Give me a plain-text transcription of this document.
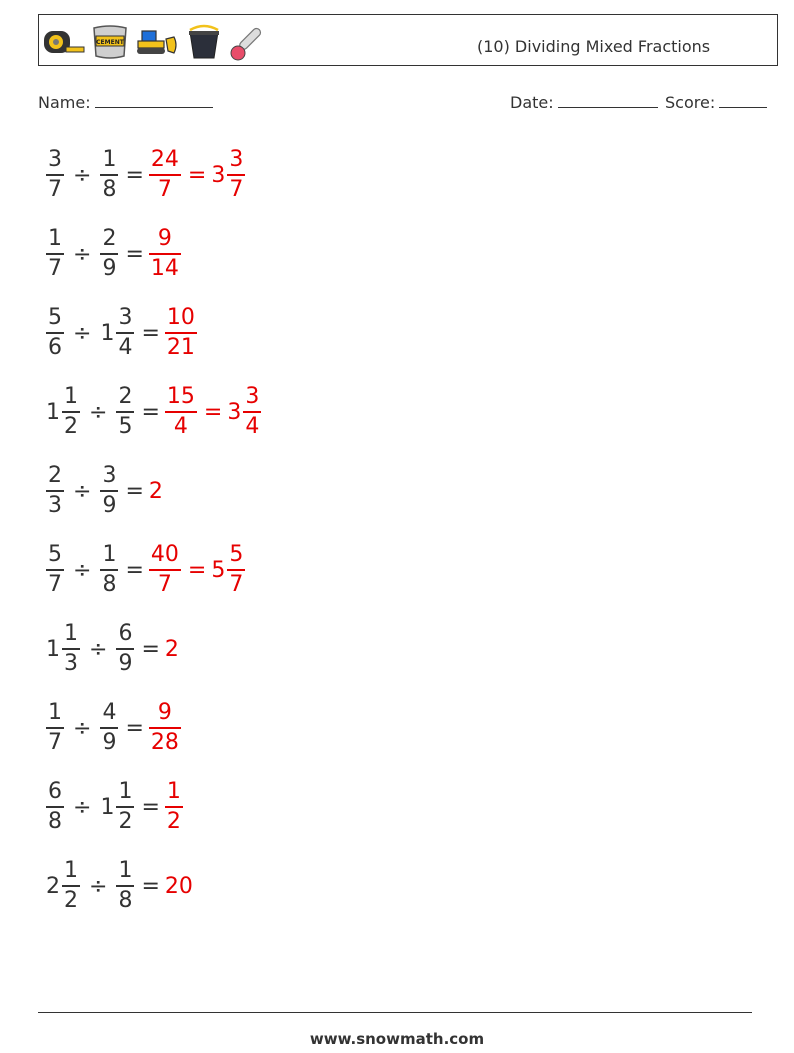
CEMENT	(10) Dividing Mixed Fractions
Name:	Date:	Score:
$\frac{3}{7} \div \frac{1}{8} = \frac{24}{7} = 3 \frac{3}{7}$
$\frac{1}{7} \div \frac{2}{9} = \frac{9}{14}$
$\frac{5}{6} \div 1 \frac{3}{4} = \frac{10}{21}$
$1 \frac{1}{2} \div \frac{2}{5} = \frac{15}{4} = 3 \frac{3}{4}$
$\frac{2}{3} \div \frac{3}{9} = 2$
$\frac{5}{7} \div \frac{1}{8} = \frac{40}{7} = 5 \frac{5}{7}$
$1 \frac{1}{3} \div \frac{6}{9} = 2$
$\frac{1}{7} \div \frac{4}{9} = \frac{9}{28}$
$\frac{6}{8} \div 1 \frac{1}{2} = \frac{1}{2}$
$2 \frac{1}{2} \div \frac{1}{8} = 20$
www.snowmath.com
